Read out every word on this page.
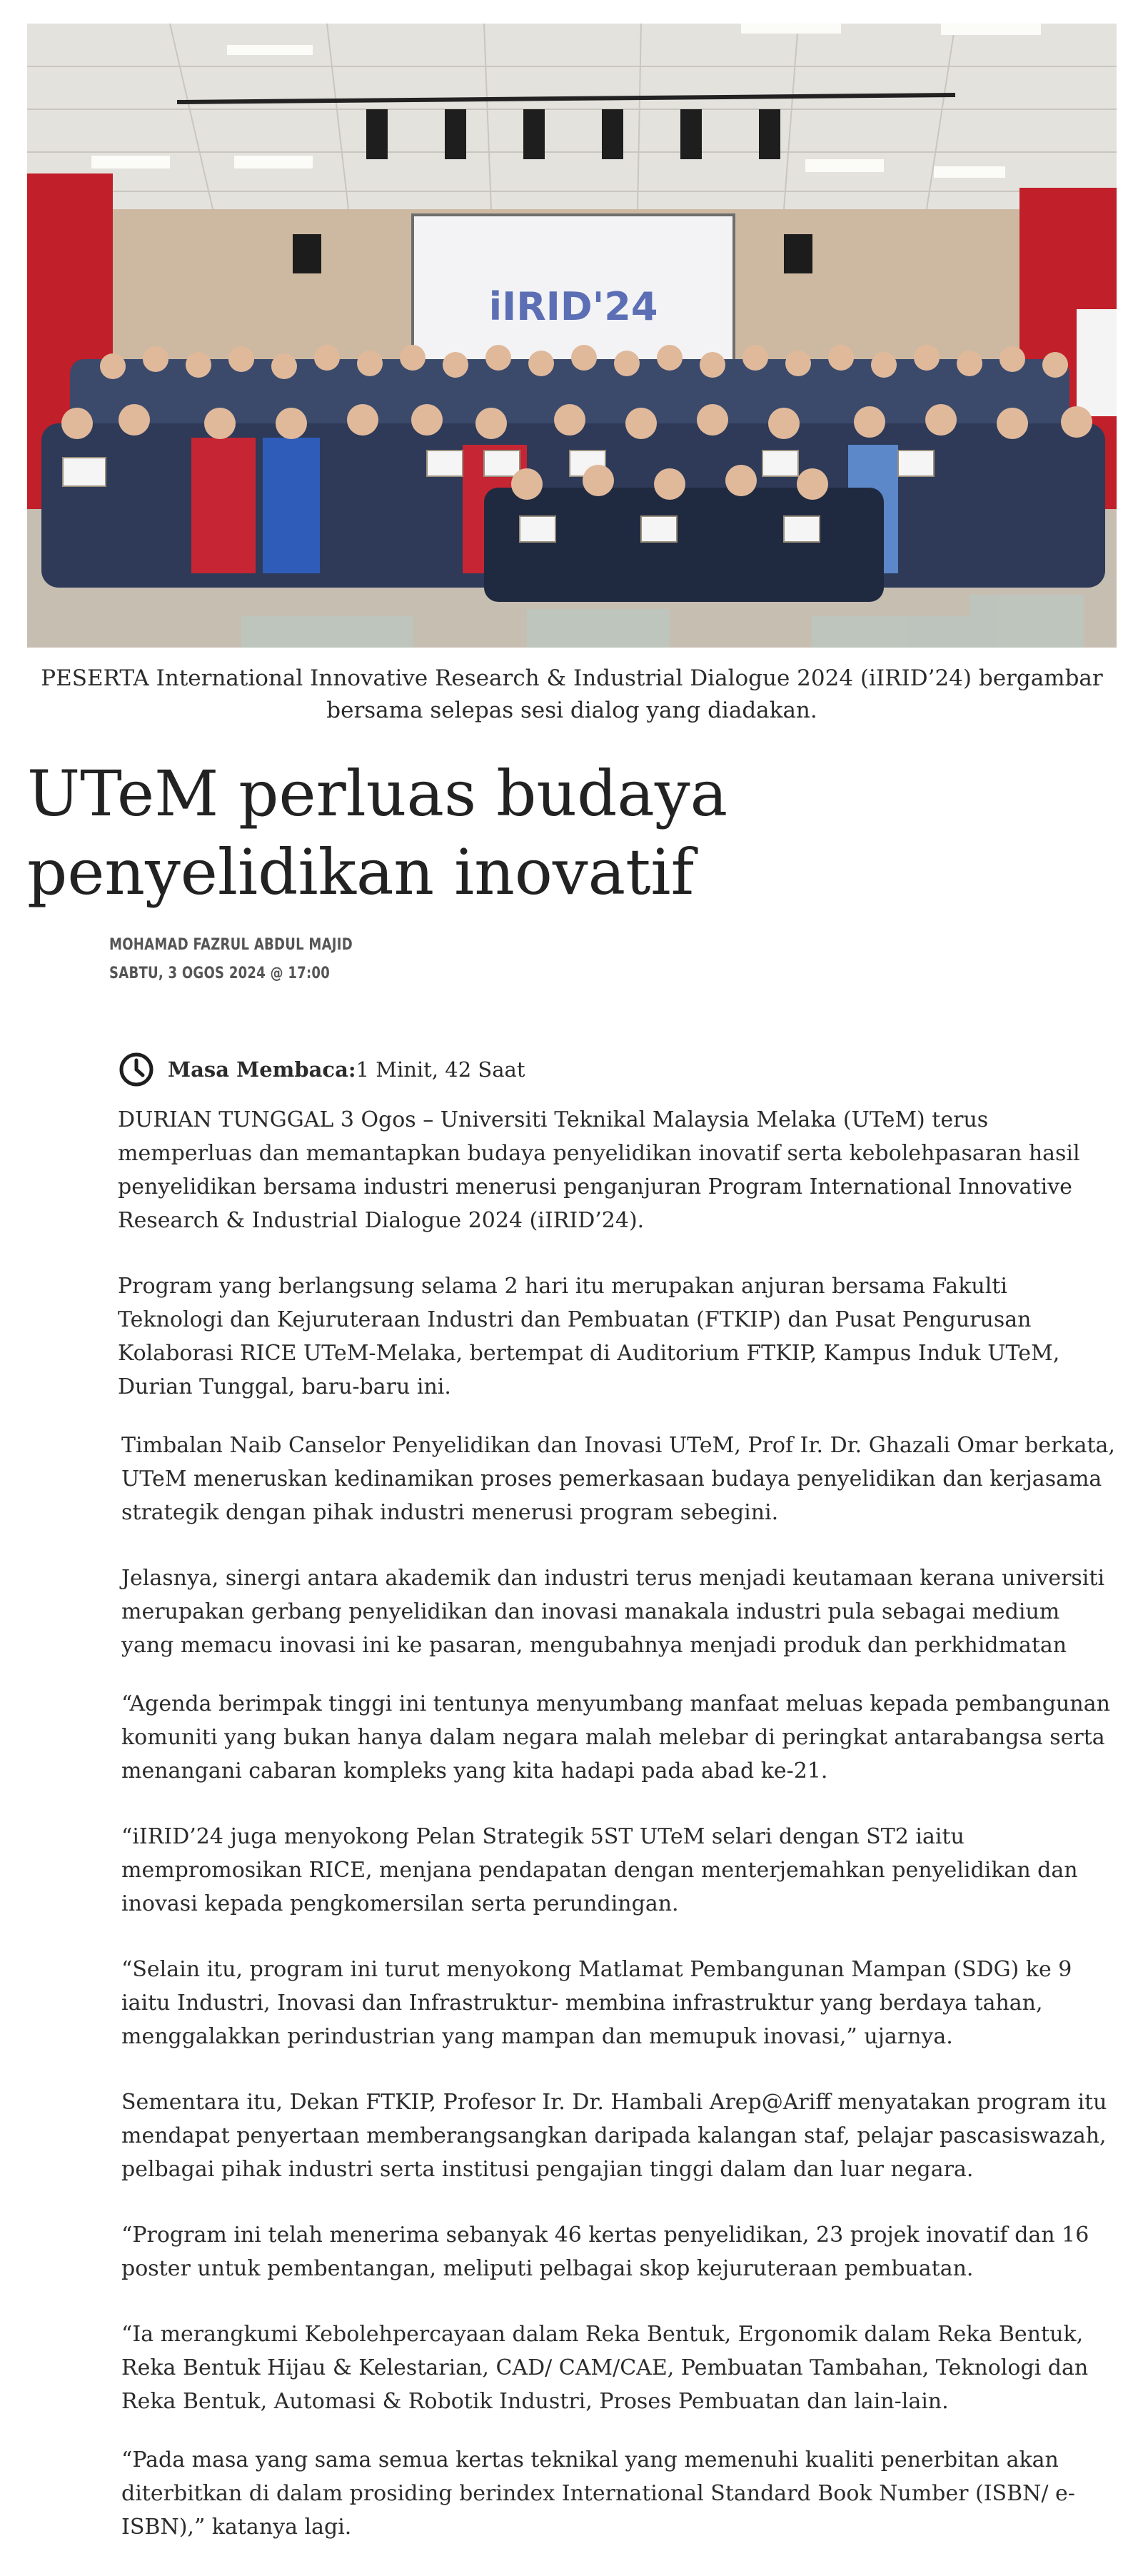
iIRID'24
PESERTA International Innovative Research & Industrial Dialogue 2024 (iIRID’24) bergambar bersama selepas sesi dialog yang diadakan.
UTeM perluas budaya penyelidikan inovatif
MOHAMAD FAZRUL ABDUL MAJID
SABTU, 3 OGOS 2024 @ 17:00
Masa Membaca: 1 Minit, 42 Saat

DURIAN TUNGGAL 3 Ogos – Universiti Teknikal Malaysia Melaka (UTeM) terus memperluas dan memantapkan budaya penyelidikan inovatif serta kebolehpasaran hasil penyelidikan bersama industri menerusi penganjuran Program International Innovative Research & Industrial Dialogue 2024 (iIRID’24).

Program yang berlangsung selama 2 hari itu merupakan anjuran bersama Fakulti Teknologi dan Kejuruteraan Industri dan Pembuatan (FTKIP) dan Pusat Pengurusan Kolaborasi RICE UTeM-Melaka, bertempat di Auditorium FTKIP, Kampus Induk UTeM, Durian Tunggal, baru-baru ini.

Timbalan Naib Canselor Penyelidikan dan Inovasi UTeM, Prof Ir. Dr. Ghazali Omar berkata, UTeM meneruskan kedinamikan proses pemerkasaan budaya penyelidikan dan kerjasama strategik dengan pihak industri menerusi program sebegini.

Jelasnya, sinergi antara akademik dan industri terus menjadi keutamaan kerana universiti merupakan gerbang penyelidikan dan inovasi manakala industri pula sebagai medium yang memacu inovasi ini ke pasaran, mengubahnya menjadi produk dan perkhidmatan

“Agenda berimpak tinggi ini tentunya menyumbang manfaat meluas kepada pembangunan komuniti yang bukan hanya dalam negara malah melebar di peringkat antarabangsa serta menangani cabaran kompleks yang kita hadapi pada abad ke-21.

“iIRID’24 juga menyokong Pelan Strategik 5ST UTeM selari dengan ST2 iaitu mempromosikan RICE, menjana pendapatan dengan menterjemahkan penyelidikan dan inovasi kepada pengkomersilan serta perundingan.

“Selain itu, program ini turut menyokong Matlamat Pembangunan Mampan (SDG) ke 9 iaitu Industri, Inovasi dan Infrastruktur- membina infrastruktur yang berdaya tahan, menggalakkan perindustrian yang mampan dan memupuk inovasi,” ujarnya.

Sementara itu, Dekan FTKIP, Profesor Ir. Dr. Hambali Arep@Ariff menyatakan program itu mendapat penyertaan memberangsangkan daripada kalangan staf, pelajar pascasiswazah, pelbagai pihak industri serta institusi pengajian tinggi dalam dan luar negara.

“Program ini telah menerima sebanyak 46 kertas penyelidikan, 23 projek inovatif dan 16 poster untuk pembentangan, meliputi pelbagai skop kejuruteraan pembuatan.

“Ia merangkumi Kebolehpercayaan dalam Reka Bentuk, Ergonomik dalam Reka Bentuk, Reka Bentuk Hijau & Kelestarian, CAD/ CAM/CAE, Pembuatan Tambahan, Teknologi dan Reka Bentuk, Automasi & Robotik Industri, Proses Pembuatan dan lain-lain.

“Pada masa yang sama semua kertas teknikal yang memenuhi kualiti penerbitan akan diterbitkan di dalam prosiding berindex International Standard Book Number (ISBN/ e-ISBN),” katanya lagi.
